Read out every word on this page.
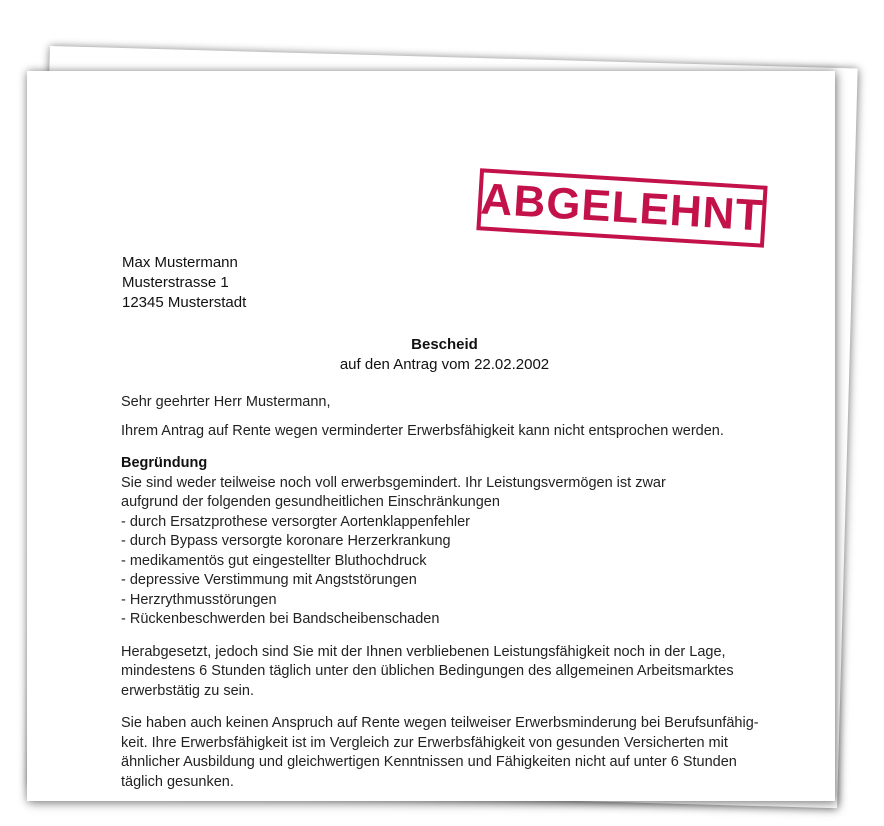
ABGELEHNT
Max Mustermann
Musterstrasse 1
12345 Musterstadt
Bescheid
auf den Antrag vom 22.02.2002

Sehr geehrter Herr Mustermann,

Ihrem Antrag auf Rente wegen verminderter Erwerbsfähigkeit kann nicht entsprochen werden.

Begründung
Sie sind weder teilweise noch voll erwerbsgemindert. Ihr Leistungsvermögen ist zwar
aufgrund der folgenden gesundheitlichen Einschränkungen
- durch Ersatzprothese versorgter Aortenklappenfehler
- durch Bypass versorgte koronare Herzerkrankung
- medikamentös gut eingestellter Bluthochdruck
- depressive Verstimmung mit Angststörungen
- Herzrythmusstörungen
- Rückenbeschwerden bei Bandscheibenschaden
Herabgesetzt, jedoch sind Sie mit der Ihnen verbliebenen Leistungsfähigkeit noch in der Lage,
mindestens 6 Stunden täglich unter den üblichen Bedingungen des allgemeinen Arbeitsmarktes
erwerbstätig zu sein.
Sie haben auch keinen Anspruch auf Rente wegen teilweiser Erwerbsminderung bei Berufsunfähig-
keit. Ihre Erwerbsfähigkeit ist im Vergleich zur Erwerbsfähigkeit von gesunden Versicherten mit
ähnlicher Ausbildung und gleichwertigen Kenntnissen und Fähigkeiten nicht auf unter 6 Stunden
täglich gesunken.
